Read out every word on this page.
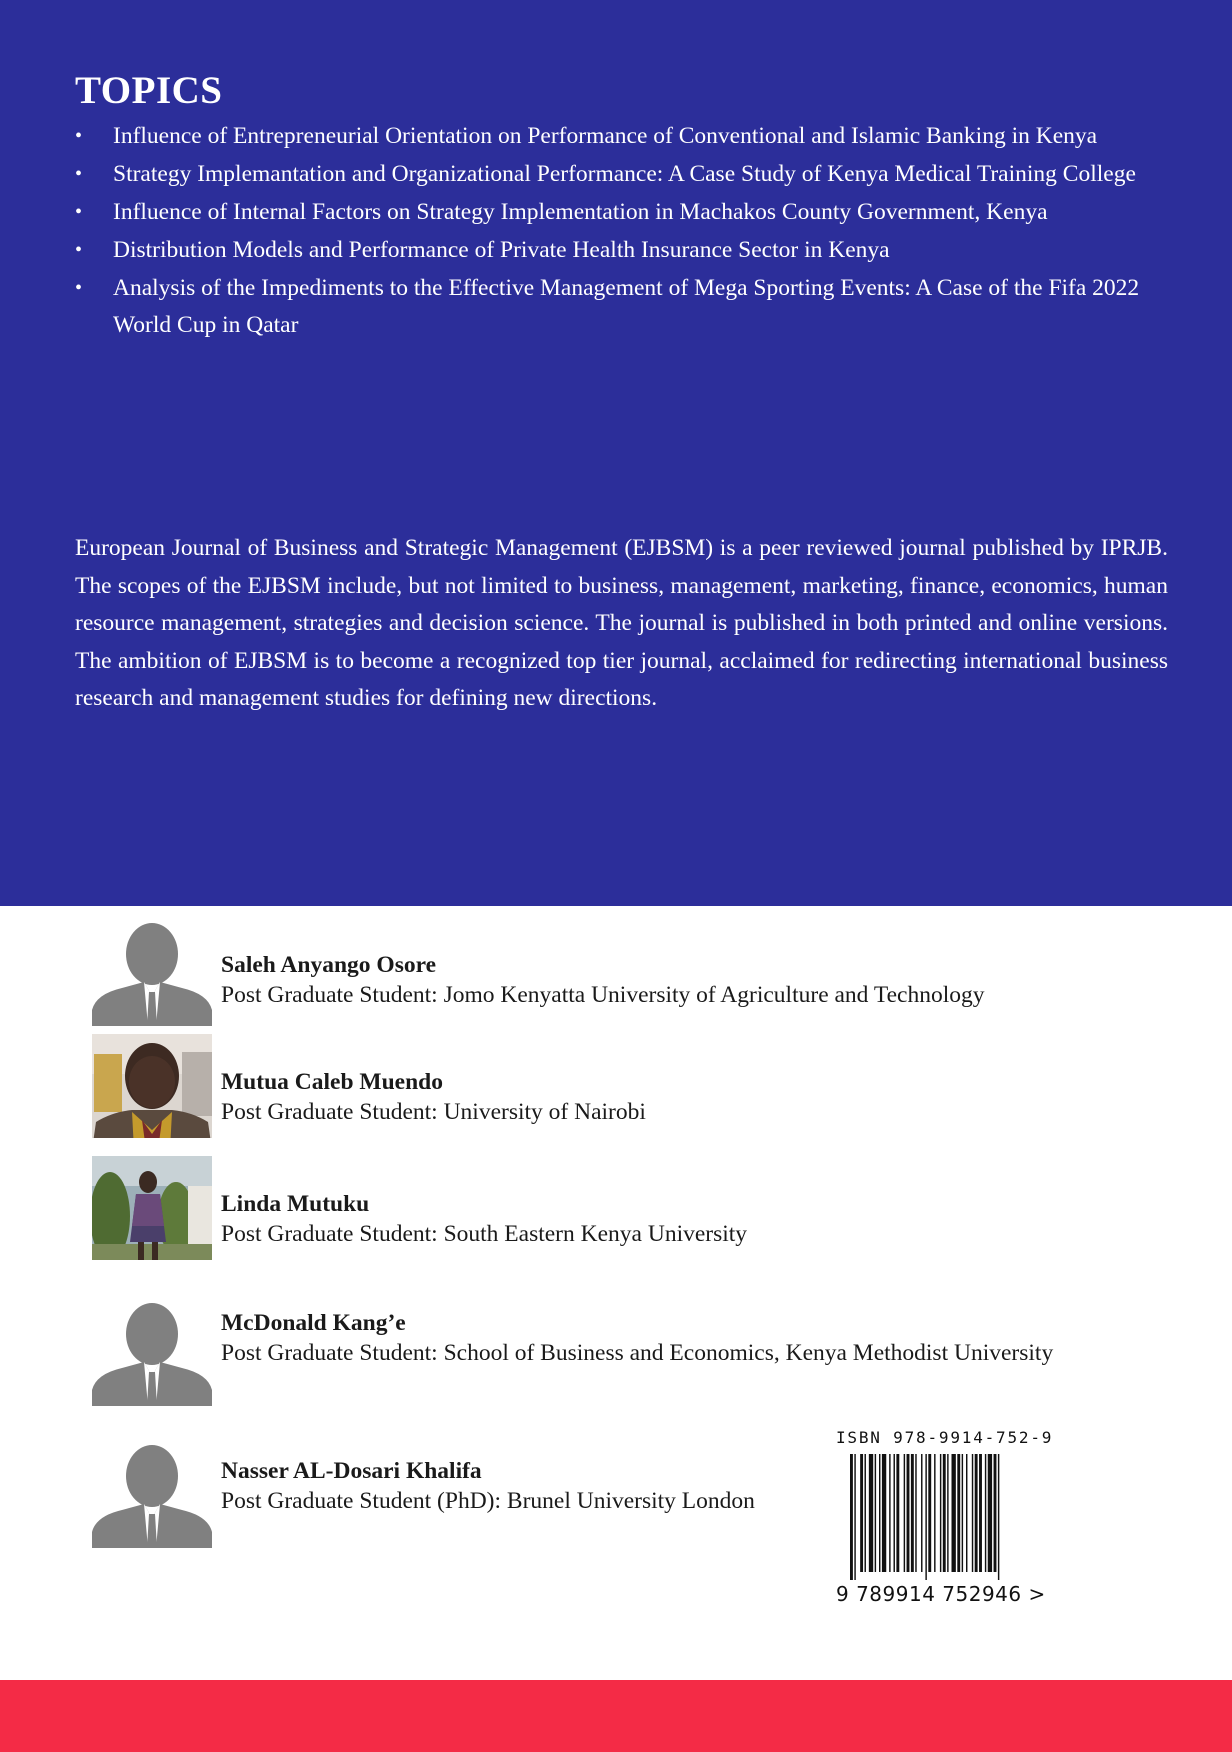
TOPICS
• Influence of Entrepreneurial Orientation on Performance of Conventional and Islamic Banking in Kenya
• Strategy Implemantation and Organizational Performance: A Case Study of Kenya Medical Training College
• Influence of Internal Factors on Strategy Implementation in Machakos County Government, Kenya
• Distribution Models and Performance of Private Health Insurance Sector in Kenya
• Analysis of the Impediments to the Effective Management of Mega Sporting Events: A Case of the Fifa 2022 World Cup in Qatar

European Journal of Business and Strategic Management (EJBSM) is a peer reviewed journal published by IPRJB. The scopes of the EJBSM include, but not limited to business, management, marketing, finance, economics, human resource management, strategies and decision science. The journal is published in both printed and online versions. The ambition of EJBSM is to become a recognized top tier journal, acclaimed for redirecting international business research and management studies for defining new directions.

Saleh Anyango Osore
Post Graduate Student: Jomo Kenyatta University of Agriculture and Technology
Mutua Caleb Muendo
Post Graduate Student: University of Nairobi
Linda Mutuku
Post Graduate Student: South Eastern Kenya University
McDonald Kang’e
Post Graduate Student: School of Business and Economics, Kenya Methodist University
Nasser AL-Dosari Khalifa
Post Graduate Student (PhD): Brunel University London
ISBN 978-9914-752-9
9 789914 752946 >
